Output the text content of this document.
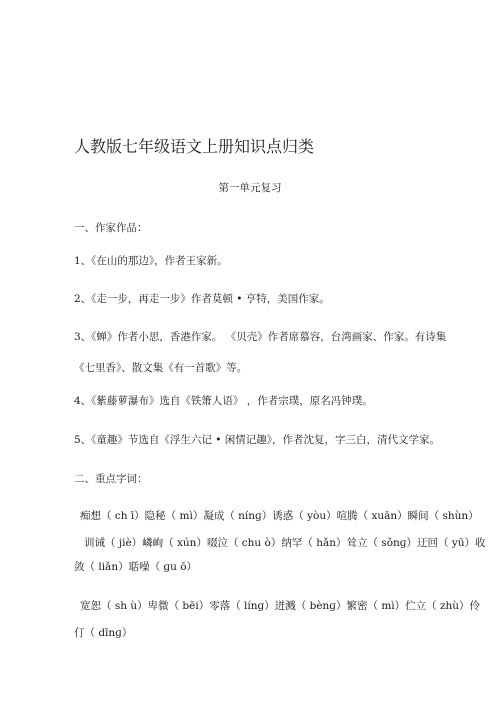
人教版七年级语文上册知识点归类
第一单元复习
一、作家作品：
1、《在山的那边》，作者王家新。
2、《走一步，再走一步》作者莫顿 • 亨特，美国作家。
3、《蝉》作者小思，香港作家。 《贝壳》作者席慕容，台湾画家、作家。有诗集
《七里香》、散文集《有一首歌》等。
4、《紫藤萝瀑布》选自《铁箫人语》 ，作者宗璞，原名冯钟璞。
5、《童趣》节选自《浮生六记 • 闲情记趣》，作者沈复，字三白，清代文学家。
二、重点字词：
痴想（ ch ī）隐秘（ mì）凝成（ nínɡ）诱惑（ yòu）喧腾（ xuān）瞬间（ shùn）
训诫（ jiè）嶙峋（ xún）啜泣（ chu ò）纳罕（ hǎn）耸立（ sǒnɡ）迂回（ yū）收
敛（ liǎn）聒噪（ ɡu ō）
宽恕（ sh ù）卑微（ bēi）零落（ línɡ）迸溅（ bènɡ）繁密（ mì）伫立（ zhù）伶
仃（ dīnɡ）
